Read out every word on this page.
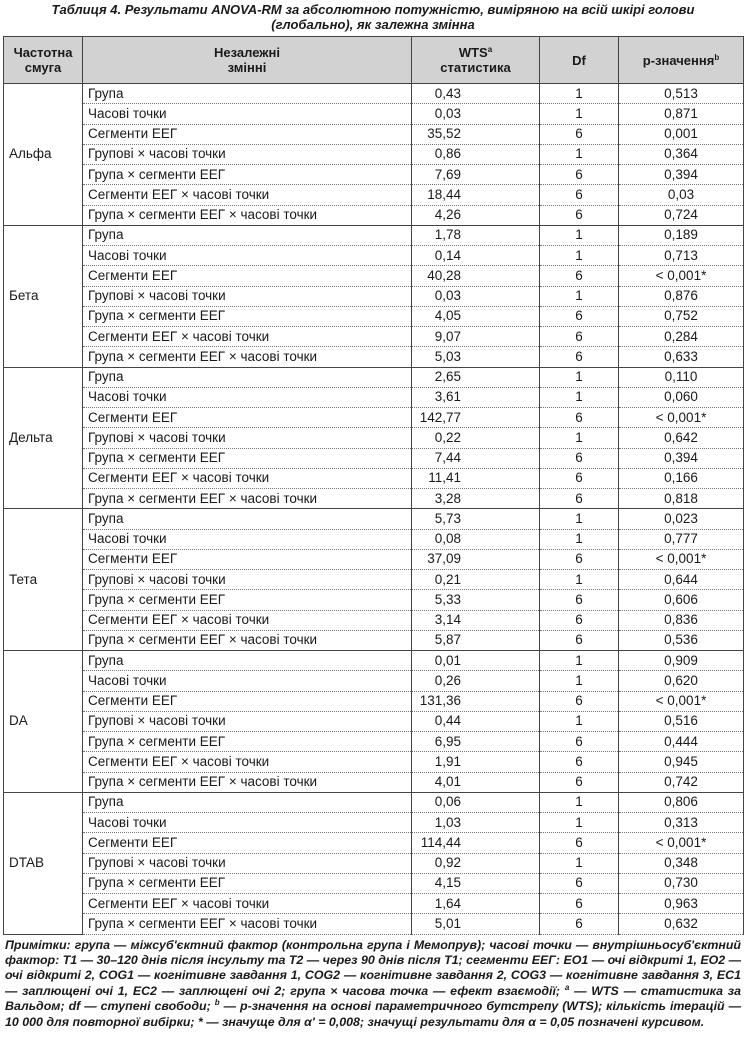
Таблиця 4. Результати ANOVA-RM за абсолютною потужністю, виміряною на всій шкірі голови (глобально), як залежна змінна
Частотна
смуга	Незалежні
змінні	WTS$^a$
статистика	Df	p-значення$^b$
Альфа	Група	0,43	1	0,513
	Часові точки	0,03	1	0,871
	Сегменти ЕЕГ	35,52	6	0,001
	Групові × часові точки	0,86	1	0,364
	Група × сегменти ЕЕГ	7,69	6	0,394
	Сегменти ЕЕГ × часові точки	18,44	6	0,03
	Група × сегменти ЕЕГ × часові точки	4,26	6	0,724
Бета	Група	1,78	1	0,189
	Часові точки	0,14	1	0,713
	Сегменти ЕЕГ	40,28	6	< 0,001*
	Групові × часові точки	0,03	1	0,876
	Група × сегменти ЕЕГ	4,05	6	0,752
	Сегменти ЕЕГ × часові точки	9,07	6	0,284
	Група × сегменти ЕЕГ × часові точки	5,03	6	0,633
Дельта	Група	2,65	1	0,110
	Часові точки	3,61	1	0,060
	Сегменти ЕЕГ	142,77	6	< 0,001*
	Групові × часові точки	0,22	1	0,642
	Група × сегменти ЕЕГ	7,44	6	0,394
	Сегменти ЕЕГ × часові точки	11,41	6	0,166
	Група × сегменти ЕЕГ × часові точки	3,28	6	0,818
Тета	Група	5,73	1	0,023
	Часові точки	0,08	1	0,777
	Сегменти ЕЕГ	37,09	6	< 0,001*
	Групові × часові точки	0,21	1	0,644
	Група × сегменти ЕЕГ	5,33	6	0,606
	Сегменти ЕЕГ × часові точки	3,14	6	0,836
	Група × сегменти ЕЕГ × часові точки	5,87	6	0,536
DA	Група	0,01	1	0,909
	Часові точки	0,26	1	0,620
	Сегменти ЕЕГ	131,36	6	< 0,001*
	Групові × часові точки	0,44	1	0,516
	Група × сегменти ЕЕГ	6,95	6	0,444
	Сегменти ЕЕГ × часові точки	1,91	6	0,945
	Група × сегменти ЕЕГ × часові точки	4,01	6	0,742
DTAB	Група	0,06	1	0,806
	Часові точки	1,03	1	0,313
	Сегменти ЕЕГ	114,44	6	< 0,001*
	Групові × часові точки	0,92	1	0,348
	Група × сегменти ЕЕГ	4,15	6	0,730
	Сегменти ЕЕГ × часові точки	1,64	6	0,963
	Група × сегменти ЕЕГ × часові точки	5,01	6	0,632
Примітки: група — міжсуб'єктний фактор (контрольна група і Мемопрув); часові точки — внутрішньосуб'єктний фактор: Т1 — 30–120 днів після інсульту та Т2 — через 90 днів після Т1; сегменти ЕЕГ: EO1 — очі відкриті 1, EO2 — очі відкриті 2, COG1 — когнітивне завдання 1, COG2 — когнітивне завдання 2, COG3 — когнітивне завдання 3, EC1 — заплющені очі 1, EC2 — заплющені очі 2; група × часова точка — ефект взаємодії; $^a$ — WTS — статистика за Вальдом; df — ступені свободи; $^b$ — p-значення на основі параметричного бутстрепу (WTS); кількість ітерацій — 10 000 для повторної вибірки; * — значуще для α' = 0,008; значущі результати для α = 0,05 позначені курсивом.
